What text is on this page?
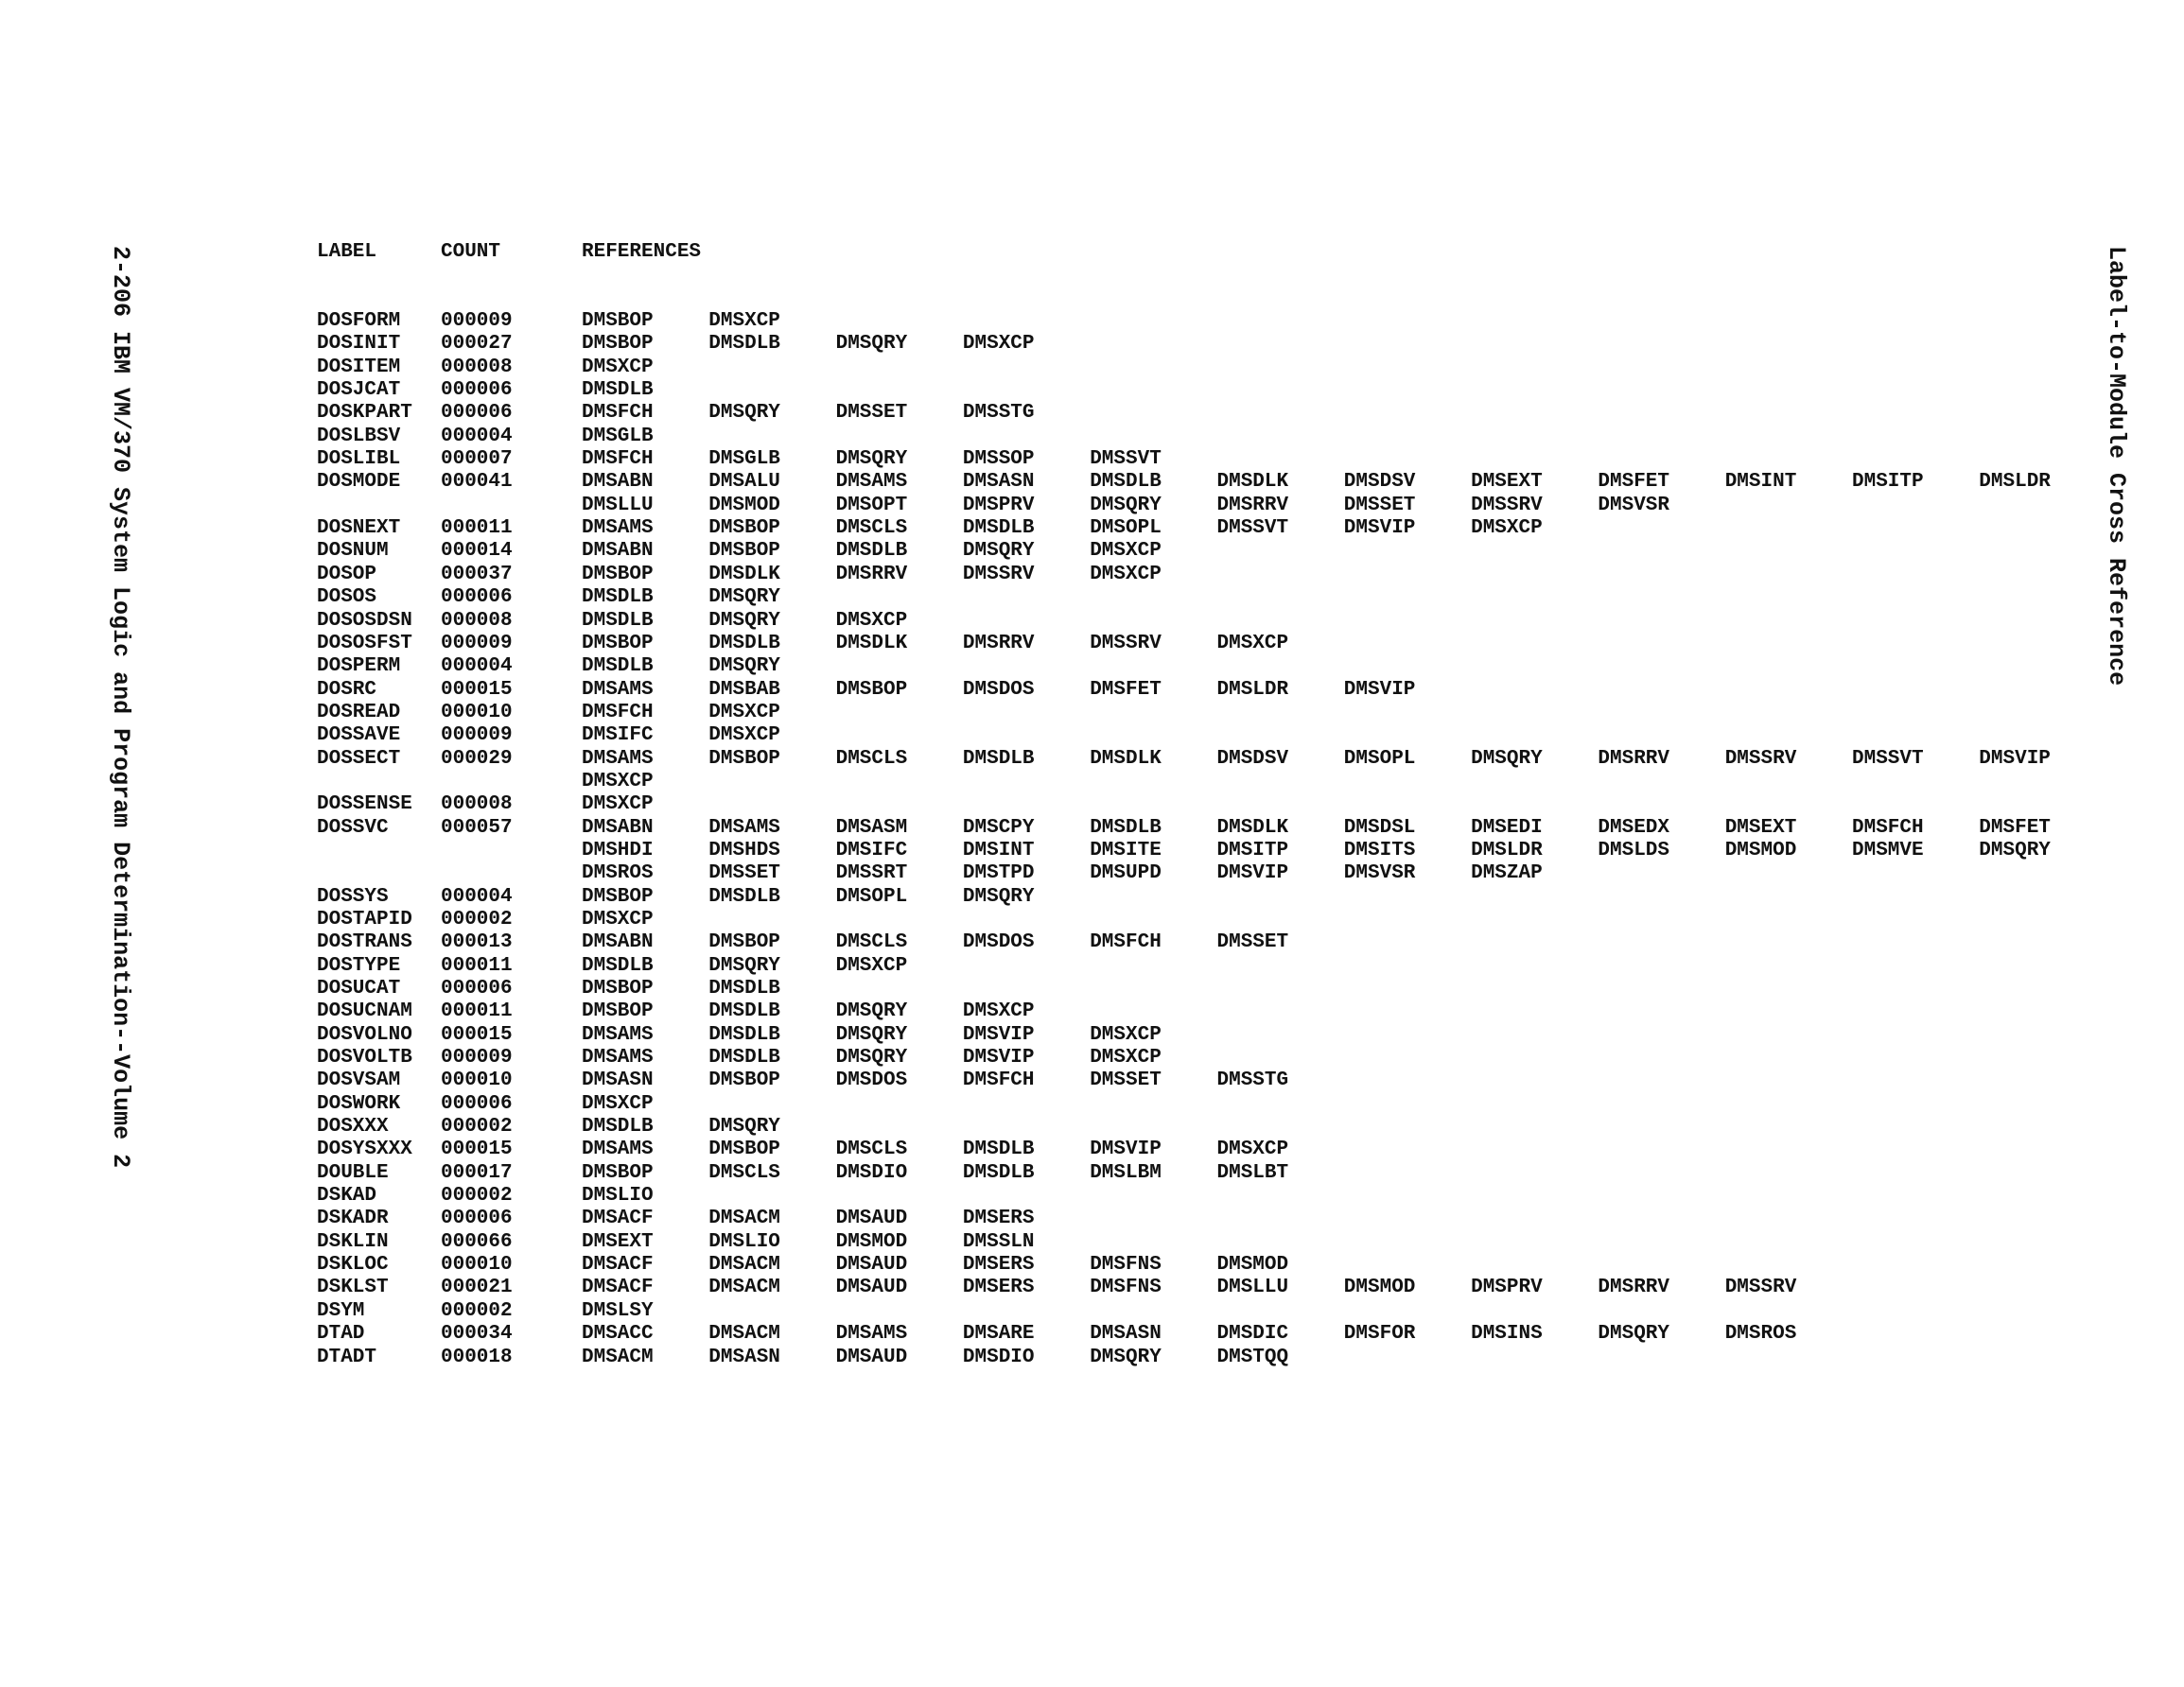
2-206 IBM VM/370 System Logic and Program Determination--Volume 2	Label-to-Module Cross Reference
LABEL	COUNT	REFERENCES
DOSFORM 000009	DMSBOP	DMSXCP
DOSINIT 000027	DMSBOP	DMSDLB	DMSQRY	DMSXCP
DOSITEM 000008	DMSXCP
DOSJCAT 000006	DMSDLB
DOSKPART 000006	DMSFCH	DMSQRY	DMSSET	DMSSTG
DOSLBSV 000004	DMSGLB
DOSLIBL 000007	DMSFCH	DMSGLB	DMSQRY	DMSSOP	DMSSVT
DOSMODE 000041	DMSABN	DMSALU	DMSAMS	DMSASN	DMSDLB	DMSDLK	DMSDSV	DMSEXT	DMSFET	DMSINT	DMSITP	DMSLDR
DMSLLU	DMSMOD	DMSOPT	DMSPRV	DMSQRY	DMSRRV	DMSSET	DMSSRV	DMSVSR
DOSNEXT 000011	DMSAMS	DMSBOP	DMSCLS	DMSDLB	DMSOPL	DMSSVT	DMSVIP	DMSXCP
DOSNUM	000014	DMSABN	DMSBOP	DMSDLB	DMSQRY	DMSXCP
DOSOP	000037	DMSBOP	DMSDLK	DMSRRV	DMSSRV	DMSXCP
DOSOS	000006	DMSDLB	DMSQRY
DOSOSDSN 000008	DMSDLB	DMSQRY	DMSXCP
DOSOSFST 000009	DMSBOP	DMSDLB	DMSDLK	DMSRRV	DMSSRV	DMSXCP
DOSPERM 000004	DMSDLB	DMSQRY
DOSRC	000015	DMSAMS	DMSBAB	DMSBOP	DMSDOS	DMSFET	DMSLDR	DMSVIP
DOSREAD 000010	DMSFCH	DMSXCP
DOSSAVE 000009	DMSIFC	DMSXCP
DOSSECT 000029	DMSAMS	DMSBOP	DMSCLS	DMSDLB	DMSDLK	DMSDSV	DMSOPL	DMSQRY	DMSRRV	DMSSRV	DMSSVT	DMSVIP
DMSXCP
DOSSENSE 000008	DMSXCP
DOSSVC	000057	DMSABN	DMSAMS	DMSASM	DMSCPY	DMSDLB	DMSDLK	DMSDSL	DMSEDI	DMSEDX	DMSEXT	DMSFCH	DMSFET
DMSHDI	DMSHDS	DMSIFC	DMSINT	DMSITE	DMSITP	DMSITS	DMSLDR	DMSLDS	DMSMOD	DMSMVE	DMSQRY
DMSROS	DMSSET	DMSSRT	DMSTPD	DMSUPD	DMSVIP	DMSVSR	DMSZAP
DOSSYS	000004	DMSBOP	DMSDLB	DMSOPL	DMSQRY
DOSTAPID 000002	DMSXCP
DOSTRANS 000013	DMSABN	DMSBOP	DMSCLS	DMSDOS	DMSFCH	DMSSET
DOSTYPE 000011	DMSDLB	DMSQRY	DMSXCP
DOSUCAT 000006	DMSBOP	DMSDLB
DOSUCNAM 000011	DMSBOP	DMSDLB	DMSQRY	DMSXCP
DOSVOLNO 000015	DMSAMS	DMSDLB	DMSQRY	DMSVIP	DMSXCP
DOSVOLTB 000009	DMSAMS	DMSDLB	DMSQRY	DMSVIP	DMSXCP
DOSVSAM 000010	DMSASN	DMSBOP	DMSDOS	DMSFCH	DMSSET	DMSSTG
DOSWORK 000006	DMSXCP
DOSXXX	000002	DMSDLB	DMSQRY
DOSYSXXX 000015	DMSAMS	DMSBOP	DMSCLS	DMSDLB	DMSVIP	DMSXCP
DOUBLE	000017	DMSBOP	DMSCLS	DMSDIO	DMSDLB	DMSLBM	DMSLBT
DSKAD	000002	DMSLIO
DSKADR	000006	DMSACF	DMSACM	DMSAUD	DMSERS
DSKLIN	000066	DMSEXT	DMSLIO	DMSMOD	DMSSLN
DSKLOC	000010	DMSACF	DMSACM	DMSAUD	DMSERS	DMSFNS	DMSMOD
DSKLST	000021	DMSACF	DMSACM	DMSAUD	DMSERS	DMSFNS	DMSLLU	DMSMOD	DMSPRV	DMSRRV	DMSSRV
DSYM	000002	DMSLSY
DTAD	000034	DMSACC	DMSACM	DMSAMS	DMSARE	DMSASN	DMSDIC	DMSFOR	DMSINS	DMSQRY	DMSROS
DTADT	000018	DMSACM	DMSASN	DMSAUD	DMSDIO	DMSQRY	DMSTQQ
